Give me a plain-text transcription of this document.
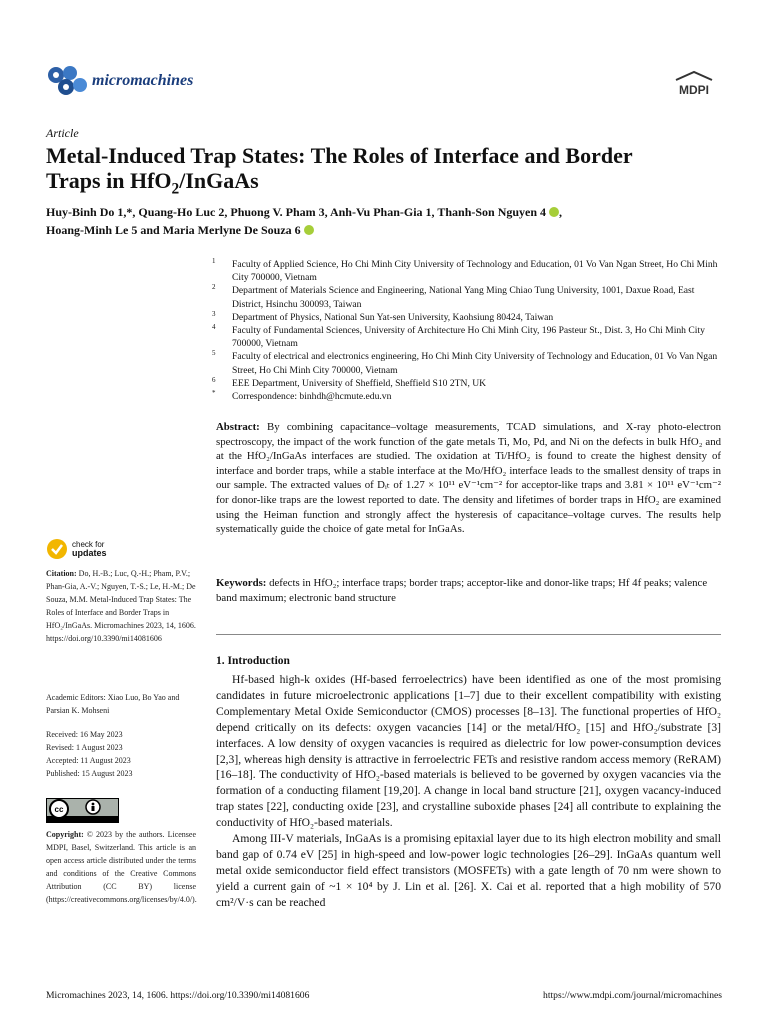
micromachines
MDPI
Article
Metal-Induced Trap States: The Roles of Interface and Border
Traps in HfO$_2$/InGaAs
Huy-Binh Do 1,*, Quang-Ho Luc 2, Phuong V. Pham 3, Anh-Vu Phan-Gia 1, Thanh-Son Nguyen 4 ,
Hoang-Minh Le 5 and Maria Merlyne De Souza 6
1 Faculty of Applied Science, Ho Chi Minh City University of Technology and Education, 01 Vo Van Ngan Street, Ho Chi Minh City 700000, Vietnam
2 Department of Materials Science and Engineering, National Yang Ming Chiao Tung University, 1001, Daxue Road, East District, Hsinchu 300093, Taiwan
3 Department of Physics, National Sun Yat-sen University, Kaohsiung 80424, Taiwan
4 Faculty of Fundamental Sciences, University of Architecture Ho Chi Minh City, 196 Pasteur St., Dist. 3, Ho Chi Minh City 700000, Vietnam
5 Faculty of electrical and electronics engineering, Ho Chi Minh City University of Technology and Education, 01 Vo Van Ngan Street, Ho Chi Minh City 700000, Vietnam
6 EEE Department, University of Sheffield, Sheffield S10 2TN, UK
* Correspondence: binhdh@hcmute.edu.vn
Abstract: By combining capacitance–voltage measurements, TCAD simulations, and X-ray photo-electron spectroscopy, the impact of the work function of the gate metals Ti, Mo, Pd, and Ni on the defects in bulk HfO₂ and at the HfO₂/InGaAs interfaces are studied. The oxidation at Ti/HfO₂ is found to create the highest density of interface and border traps, while a stable interface at the Mo/HfO₂ interface leads to the smallest density of traps in our sample. The extracted values of Dᵢₜ of 1.27 × 10¹¹ eV⁻¹cm⁻² for acceptor-like traps and 3.81 × 10¹¹ eV⁻¹cm⁻² for donor-like traps are the lowest reported to date. The density and lifetimes of border traps in HfO₂ are examined using the Heiman function and strongly affect the hysteresis of capacitance–voltage curves. The results help systematically guide the choice of gate metal for InGaAs.
Keywords: defects in HfO₂; interface traps; border traps; acceptor-like and donor-like traps; Hf 4f peaks; valence band maximum; electronic band structure
check for
updates
Citation: Do, H.-B.; Luc, Q.-H.; Pham, P.V.; Phan-Gia, A.-V.; Nguyen, T.-S.; Le, H.-M.; De Souza, M.M. Metal-Induced Trap States: The Roles of Interface and Border Traps in HfO₂/InGaAs. Micromachines 2023, 14, 1606. https://doi.org/10.3390/mi14081606
Academic Editors: Xiao Luo, Bo Yao and Parsian K. Mohseni
Received: 16 May 2023
Revised: 1 August 2023
Accepted: 11 August 2023
Published: 15 August 2023
cc
Copyright: © 2023 by the authors. Licensee MDPI, Basel, Switzerland. This article is an open access article distributed under the terms and conditions of the Creative Commons Attribution (CC BY) license (https://creativecommons.org/licenses/by/4.0/).
1. Introduction

Hf-based high-k oxides (Hf-based ferroelectrics) have been identified as one of the most promising candidates in future microelectronic applications [1–7] due to their excellent compatibility with existing Complementary Metal Oxide Semiconductor (CMOS) processes [8–13]. The functional properties of HfO₂ depend critically on its defects: oxygen vacancies [14] or the metal/HfO₂ [15] and HfO₂/substrate [3] interfaces. A low density of oxygen vacancies is required as dielectric for low power-consumption devices [2,3], whereas high density is attractive in ferroelectric FETs and resistive random access memory (ReRAM) [16–18]. The conductivity of HfO₂-based materials is believed to be governed by oxygen vacancies via the formation of a conducting filament [19,20]. A change in local band structure [21], oxygen vacancy-induced trap states [22], conducting oxide [23], and crystalline suboxide phases [24] all contribute to explaining the conductivity of HfO₂-based materials.

Among III-V materials, InGaAs is a promising epitaxial layer due to its high electron mobility and small band gap of 0.74 eV [25] in high-speed and low-power logic technologies [26–29]. InGaAs quantum well metal oxide semiconductor field effect transistors (MOSFETs) with a gate length of 70 nm were shown to yield a current gain of ~1 × 10⁴ by J. Lin et al. [26]. X. Cai et al. reported that a high mobility of 570 cm²/V·s can be reached

Micromachines 2023, 14, 1606. https://doi.org/10.3390/mi14081606	https://www.mdpi.com/journal/micromachines
